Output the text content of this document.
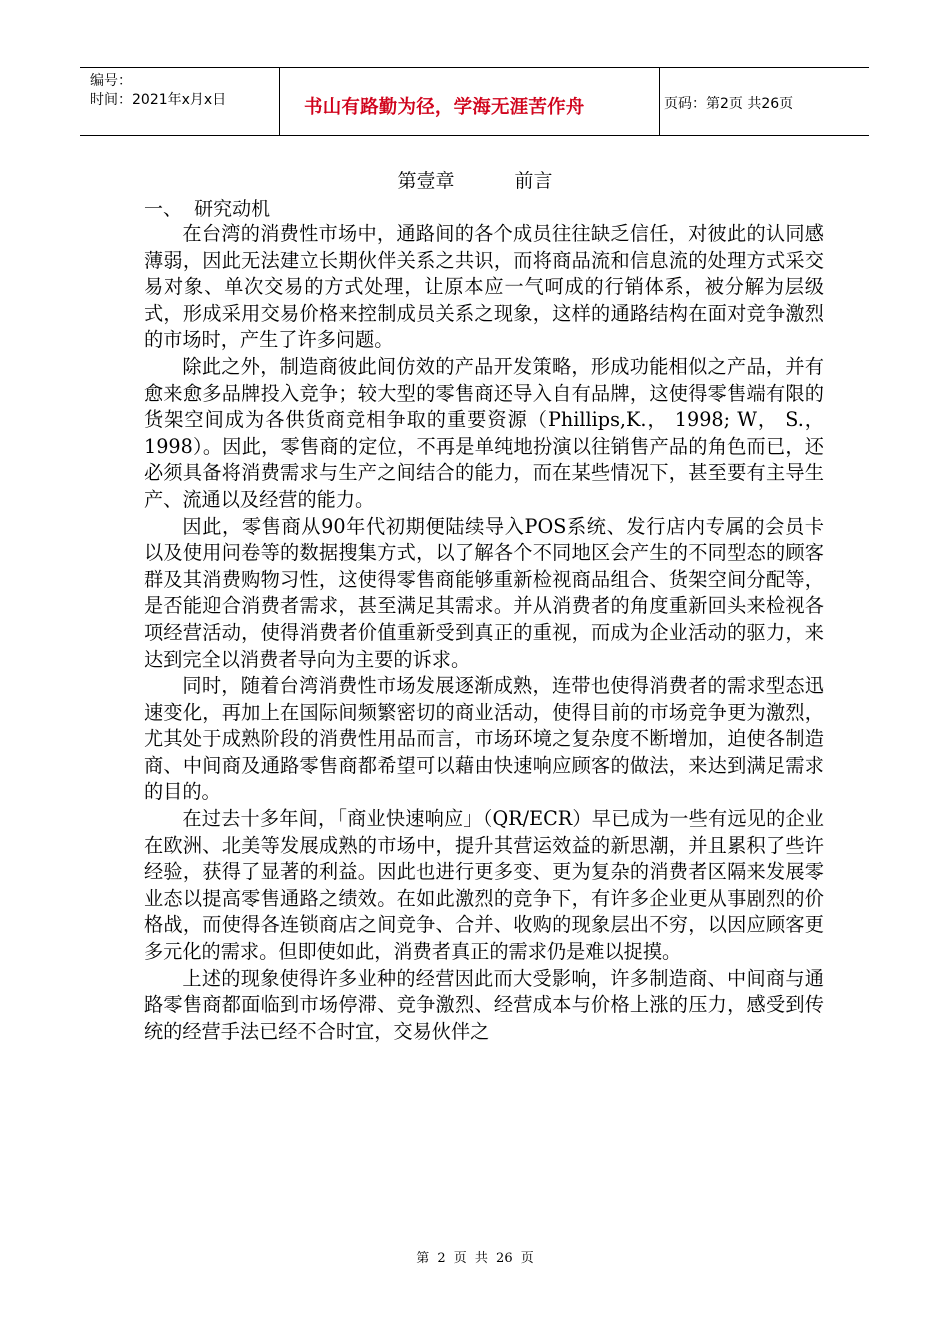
编号：
时间：2021年x月x日	书山有路勤为径，学海无涯苦作舟	页码：第2页 共26页
第壹章   前言
一、  研究动机

在台湾的消费性市场中，通路间的各个成员往往缺乏信任，对彼此的认同感薄弱，因此无法建立长期伙伴关系之共识，而将商品流和信息流的处理方式采交易对象、单次交易的方式处理，让原本应一气呵成的行销体系，被分解为层级式，形成采用交易价格来控制成员关系之现象，这样的通路结构在面对竞争激烈的市场时，产生了许多问题。

除此之外，制造商彼此间仿效的产品开发策略，形成功能相似之产品，并有愈来愈多品牌投入竞争；较大型的零售商还导入自有品牌，这使得零售端有限的货架空间成为各供货商竞相争取的重要资源（Phillips,K.， 1998; W， S.， 1998）。因此，零售商的定位，不再是单纯地扮演以往销售产品的角色而已，还必须具备将消费需求与生产之间结合的能力，而在某些情况下，甚至要有主导生产、流通以及经营的能力。

因此，零售商从90年代初期便陆续导入POS系统、发行店内专属的会员卡以及使用问卷等的数据搜集方式，以了解各个不同地区会产生的不同型态的顾客群及其消费购物习性，这使得零售商能够重新检视商品组合、货架空间分配等，是否能迎合消费者需求，甚至满足其需求。并从消费者的角度重新回头来检视各项经营活动，使得消费者价值重新受到真正的重视，而成为企业活动的驱力，来达到完全以消费者导向为主要的诉求。

同时，随着台湾消费性市场发展逐渐成熟，连带也使得消费者的需求型态迅速变化，再加上在国际间频繁密切的商业活动，使得目前的市场竞争更为激烈，尤其处于成熟阶段的消费性用品而言，市场环境之复杂度不断增加，迫使各制造商、中间商及通路零售商都希望可以藉由快速响应顾客的做法，来达到满足需求的目的。

在过去十多年间，「商业快速响应」（QR/ECR）早已成为一些有远见的企业在欧洲、北美等发展成熟的市场中，提升其营运效益的新思潮，并且累积了些许经验，获得了显著的利益。因此也进行更多变、更为复杂的消费者区隔来发展零业态以提高零售通路之绩效。在如此激烈的竞争下，有许多企业更从事剧烈的价格战，而使得各连锁商店之间竞争、合并、收购的现象层出不穷，以因应顾客更多元化的需求。但即使如此，消费者真正的需求仍是难以捉摸。

上述的现象使得许多业种的经营因此而大受影响，许多制造商、中间商与通路零售商都面临到市场停滞、竞争激烈、经营成本与价格上涨的压力，感受到传统的经营手法已经不合时宜，交易伙伴之

第 2 页 共 26 页
